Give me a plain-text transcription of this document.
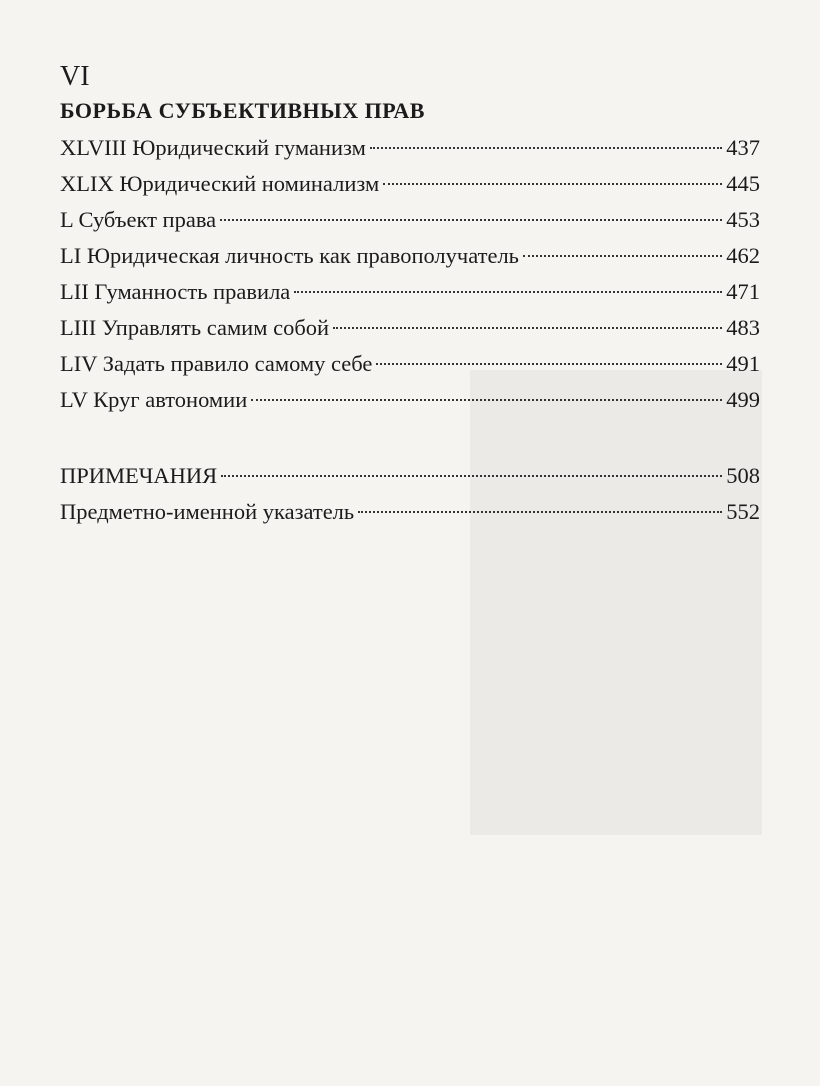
VI
БОРЬБА СУБЪЕКТИВНЫХ ПРАВ
XLVIII Юридический гуманизм	437
XLIX Юридический номинализм	445
L Субъект права	453
LI Юридическая личность как правополучатель	462
LII Гуманность правила	471
LIII Управлять самим собой	483
LIV Задать правило самому себе	491
LV Круг автономии	499
ПРИМЕЧАНИЯ	508
Предметно-именной указатель	552
